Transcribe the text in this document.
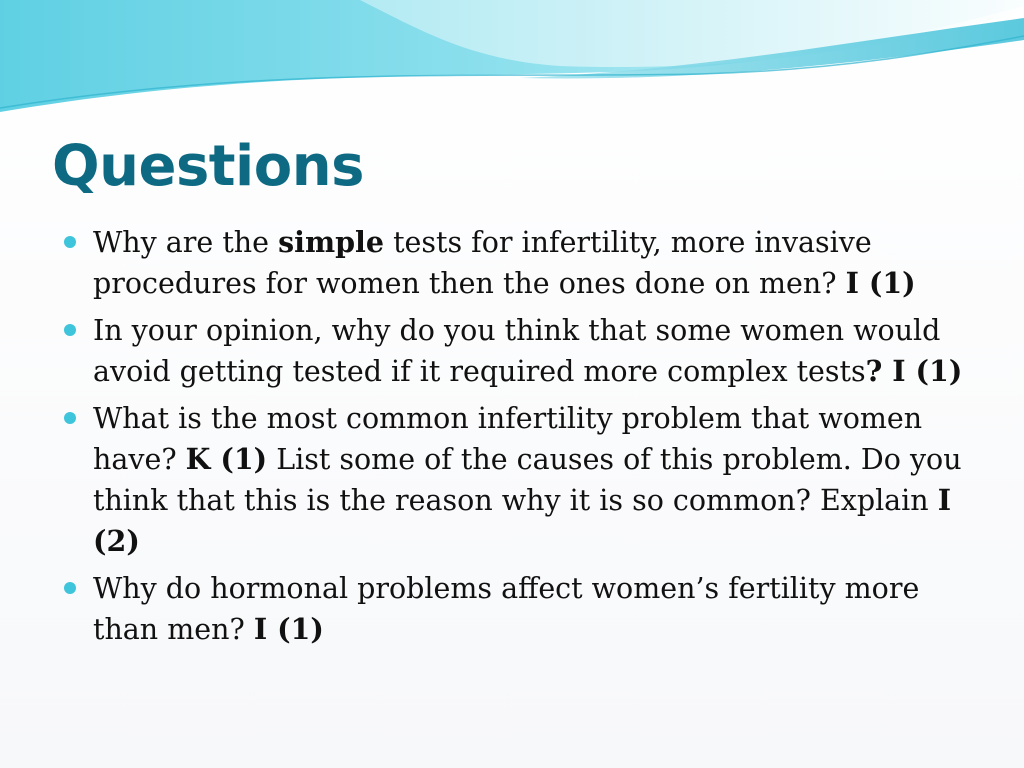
Questions
Why are the simple tests for infertility, more invasive procedures for women then the ones done on men? I (1)
In your opinion, why do you think that some women would avoid getting tested if it required more complex tests? I (1)
What is the most common infertility problem that women have? K (1) List some of the causes of this problem. Do you think that this is the reason why it is so common? Explain I (2)
Why do hormonal problems affect women’s fertility more than men? I (1)
